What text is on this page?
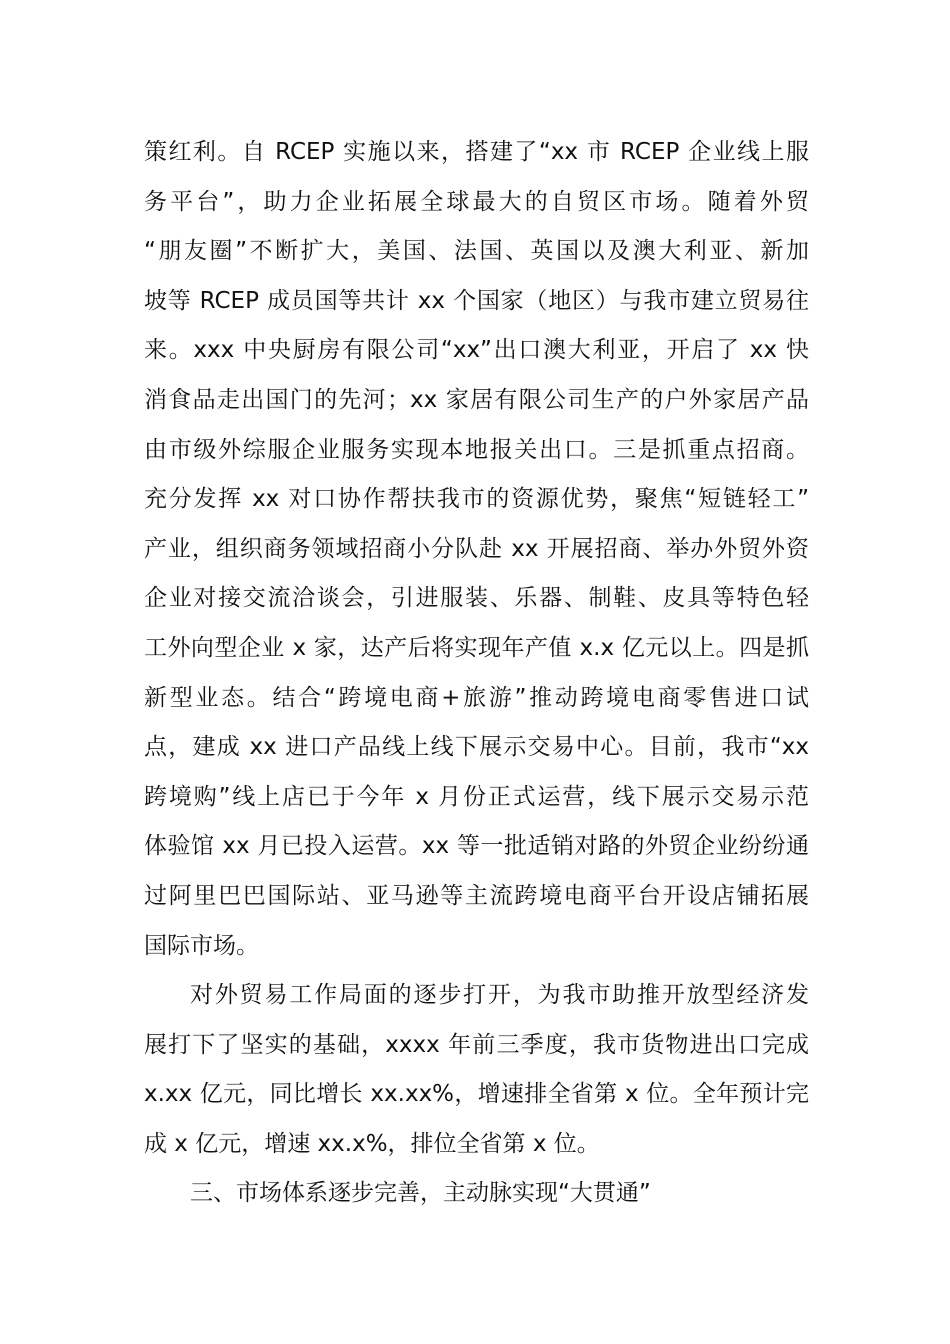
策红利。自 RCEP 实施以来，搭建了“xx 市 RCEP 企业线上服
务平台”，助力企业拓展全球最大的自贸区市场。随着外贸
“朋友圈”不断扩大，美国、法国、英国以及澳大利亚、新加
坡等 RCEP 成员国等共计 xx 个国家（地区）与我市建立贸易往
来。xxx 中央厨房有限公司“xx”出口澳大利亚，开启了 xx 快
消食品走出国门的先河；xx 家居有限公司生产的户外家居产品
由市级外综服企业服务实现本地报关出口。三是抓重点招商。
充分发挥 xx 对口协作帮扶我市的资源优势，聚焦“短链轻工”
产业，组织商务领域招商小分队赴 xx 开展招商、举办外贸外资
企业对接交流洽谈会，引进服装、乐器、制鞋、皮具等特色轻
工外向型企业 x 家，达产后将实现年产值 x.x 亿元以上。四是抓
新型业态。结合“跨境电商+旅游”推动跨境电商零售进口试
点，建成 xx 进口产品线上线下展示交易中心。目前，我市“xx
跨境购”线上店已于今年 x 月份正式运营，线下展示交易示范
体验馆 xx 月已投入运营。xx 等一批适销对路的外贸企业纷纷通
过阿里巴巴国际站、亚马逊等主流跨境电商平台开设店铺拓展
国际市场。
对外贸易工作局面的逐步打开，为我市助推开放型经济发
展打下了坚实的基础，xxxx 年前三季度，我市货物进出口完成
x.xx 亿元，同比增长 xx.xx%，增速排全省第 x 位。全年预计完
成 x 亿元，增速 xx.x%，排位全省第 x 位。
三、市场体系逐步完善，主动脉实现“大贯通”
